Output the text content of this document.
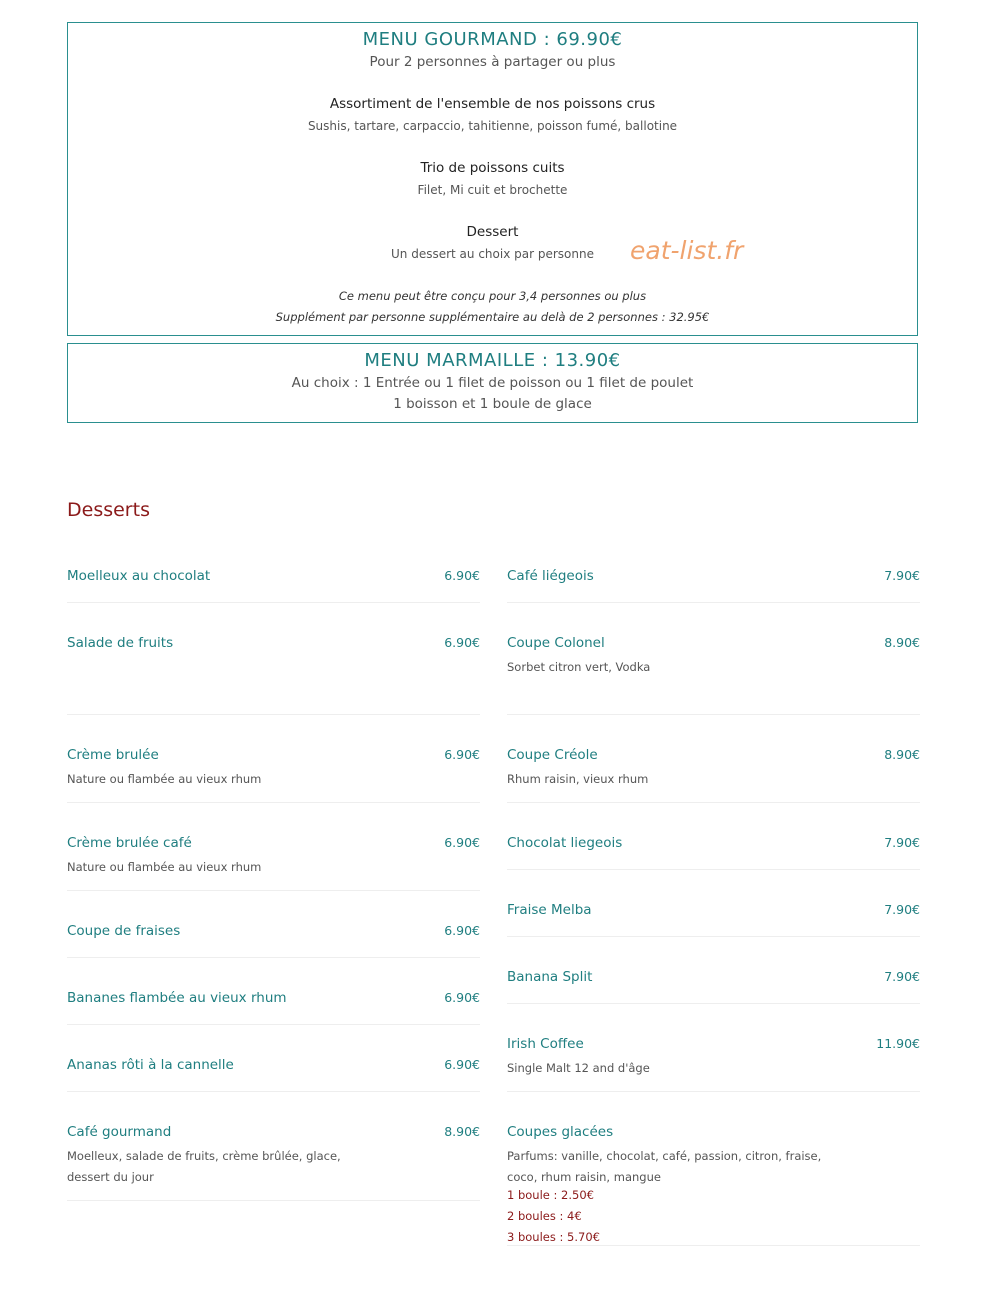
MENU GOURMAND : 69.90€
Pour 2 personnes à partager ou plus
Assortiment de l'ensemble de nos poissons crus
Sushis, tartare, carpaccio, tahitienne, poisson fumé, ballotine
Trio de poissons cuits
Filet, Mi cuit et brochette
Dessert
Un dessert au choix par personne
Ce menu peut être conçu pour 3,4 personnes ou plus
Supplément par personne supplémentaire au delà de 2 personnes : 32.95€
eat-list.fr
MENU MARMAILLE : 13.90€
Au choix : 1 Entrée ou 1 filet de poisson ou 1 filet de poulet
1 boisson et 1 boule de glace
Desserts
Moelleux au chocolat	6.90€
Salade de fruits	6.90€
Crème brulée	6.90€
Nature ou flambée au vieux rhum
Crème brulée café	6.90€
Nature ou flambée au vieux rhum
Coupe de fraises	6.90€
Bananes flambée au vieux rhum	6.90€
Ananas rôti à la cannelle	6.90€
Café gourmand	8.90€
Moelleux, salade de fruits, crème brûlée, glace, dessert du jour
Café liégeois	7.90€
Coupe Colonel	8.90€
Sorbet citron vert, Vodka
Coupe Créole	8.90€
Rhum raisin, vieux rhum
Chocolat liegeois	7.90€
Fraise Melba	7.90€
Banana Split	7.90€
Irish Coffee	11.90€
Single Malt 12 and d'âge
Coupes glacées
Parfums: vanille, chocolat, café, passion, citron, fraise, coco, rhum raisin, mangue
1 boule : 2.50€
2 boules : 4€
3 boules : 5.70€
